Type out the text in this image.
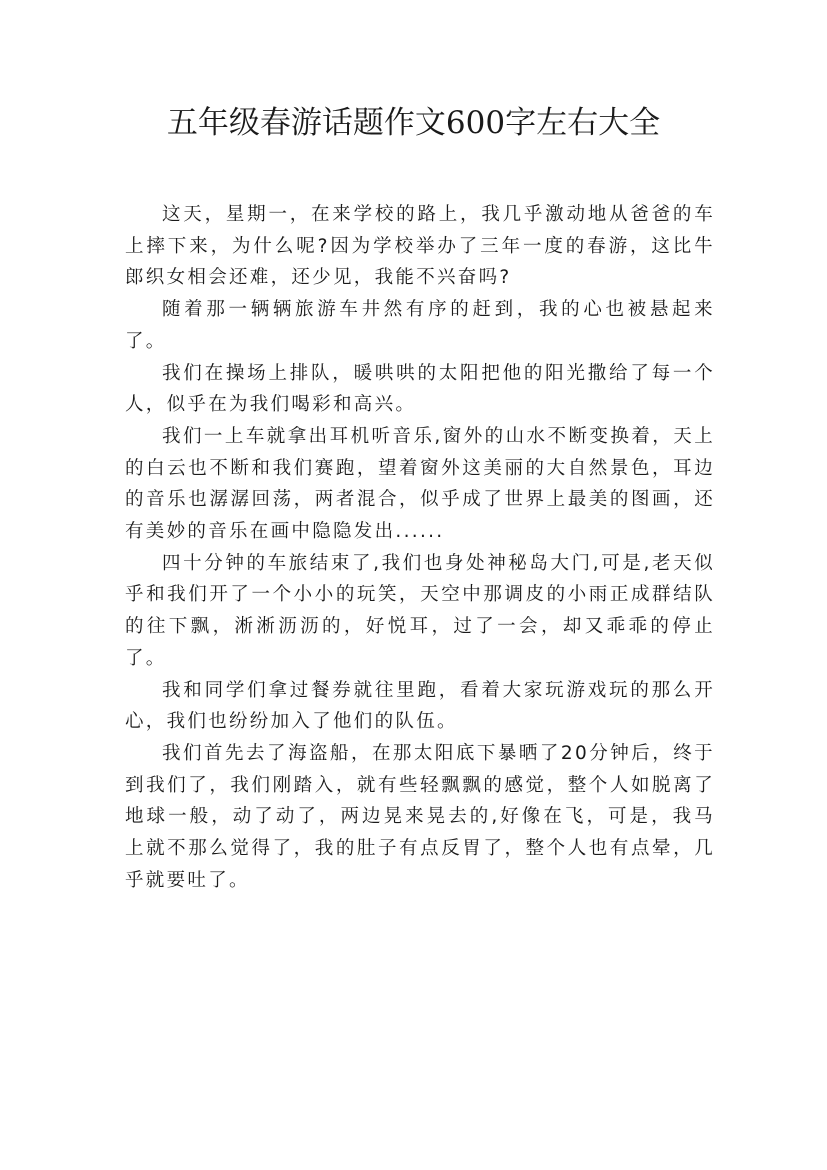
五年级春游话题作文600字左右大全

这天，星期一，在来学校的路上，我几乎激动地从爸爸的车上摔下来，为什么呢?因为学校举办了三年一度的春游，这比牛郎织女相会还难，还少见，我能不兴奋吗?

随着那一辆辆旅游车井然有序的赶到，我的心也被悬起来了。

我们在操场上排队，暖哄哄的太阳把他的阳光撒给了每一个人，似乎在为我们喝彩和高兴。

我们一上车就拿出耳机听音乐,窗外的山水不断变换着，天上的白云也不断和我们赛跑，望着窗外这美丽的大自然景色，耳边的音乐也潺潺回荡，两者混合，似乎成了世界上最美的图画，还有美妙的音乐在画中隐隐发出......

四十分钟的车旅结束了,我们也身处神秘岛大门,可是,老天似乎和我们开了一个小小的玩笑，天空中那调皮的小雨正成群结队的往下飘，淅淅沥沥的，好悦耳，过了一会，却又乖乖的停止了。

我和同学们拿过餐券就往里跑，看着大家玩游戏玩的那么开心，我们也纷纷加入了他们的队伍。

我们首先去了海盗船，在那太阳底下暴晒了20分钟后，终于到我们了，我们刚踏入，就有些轻飘飘的感觉，整个人如脱离了地球一般，动了动了，两边晃来晃去的,好像在飞，可是，我马上就不那么觉得了，我的肚子有点反胃了，整个人也有点晕，几乎就要吐了。
